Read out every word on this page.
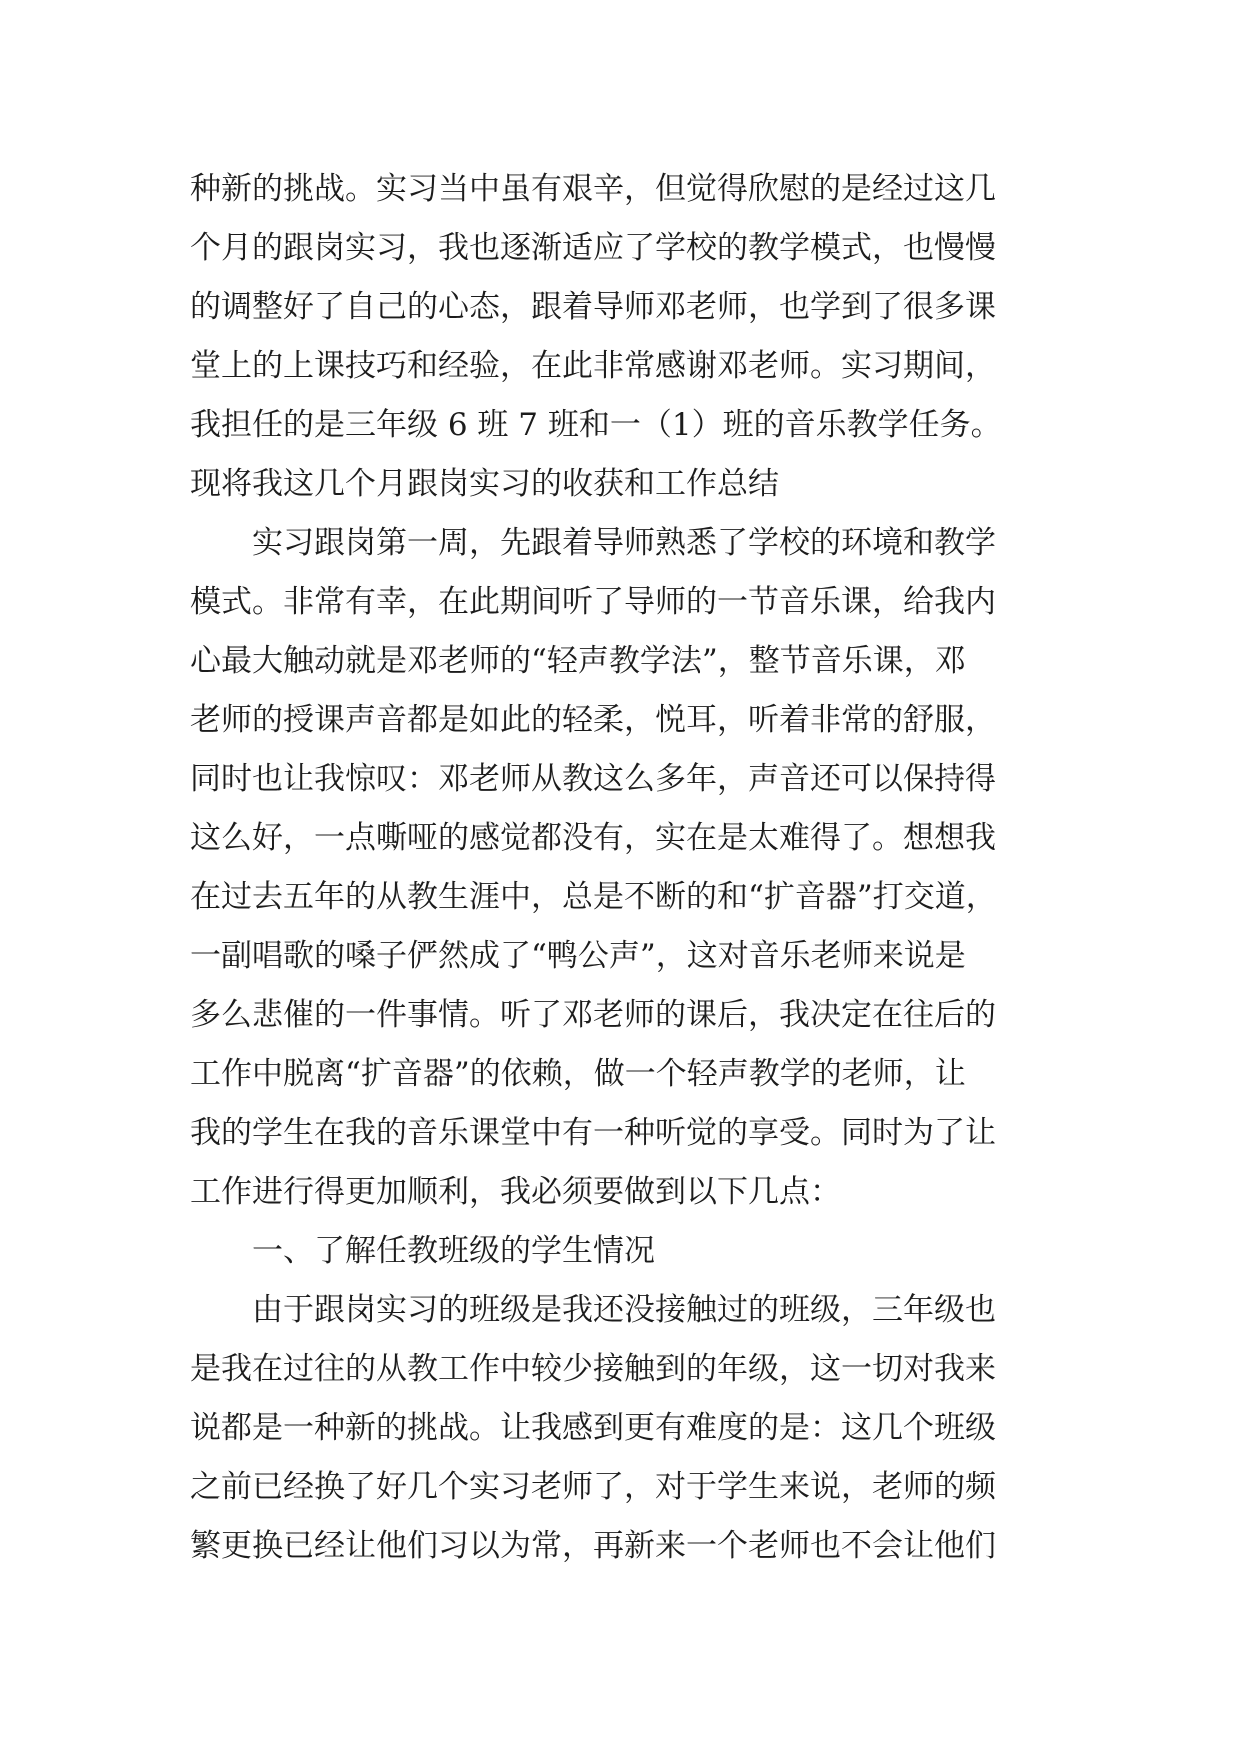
种新的挑战。实习当中虽有艰辛，但觉得欣慰的是经过这几
个月的跟岗实习，我也逐渐适应了学校的教学模式，也慢慢
的调整好了自己的心态，跟着导师邓老师，也学到了很多课
堂上的上课技巧和经验，在此非常感谢邓老师。实习期间，
我担任的是三年级 6 班 7 班和一（1）班的音乐教学任务。
现将我这几个月跟岗实习的收获和工作总结
实习跟岗第一周，先跟着导师熟悉了学校的环境和教学
模式。非常有幸，在此期间听了导师的一节音乐课，给我内
心最大触动就是邓老师的“轻声教学法”，整节音乐课，邓
老师的授课声音都是如此的轻柔，悦耳，听着非常的舒服，
同时也让我惊叹：邓老师从教这么多年，声音还可以保持得
这么好，一点嘶哑的感觉都没有，实在是太难得了。想想我
在过去五年的从教生涯中，总是不断的和“扩音器”打交道，
一副唱歌的嗓子俨然成了“鸭公声”，这对音乐老师来说是
多么悲催的一件事情。听了邓老师的课后，我决定在往后的
工作中脱离“扩音器”的依赖，做一个轻声教学的老师，让
我的学生在我的音乐课堂中有一种听觉的享受。同时为了让
工作进行得更加顺利，我必须要做到以下几点：
一、了解任教班级的学生情况
由于跟岗实习的班级是我还没接触过的班级，三年级也
是我在过往的从教工作中较少接触到的年级，这一切对我来
说都是一种新的挑战。让我感到更有难度的是：这几个班级
之前已经换了好几个实习老师了，对于学生来说，老师的频
繁更换已经让他们习以为常，再新来一个老师也不会让他们
